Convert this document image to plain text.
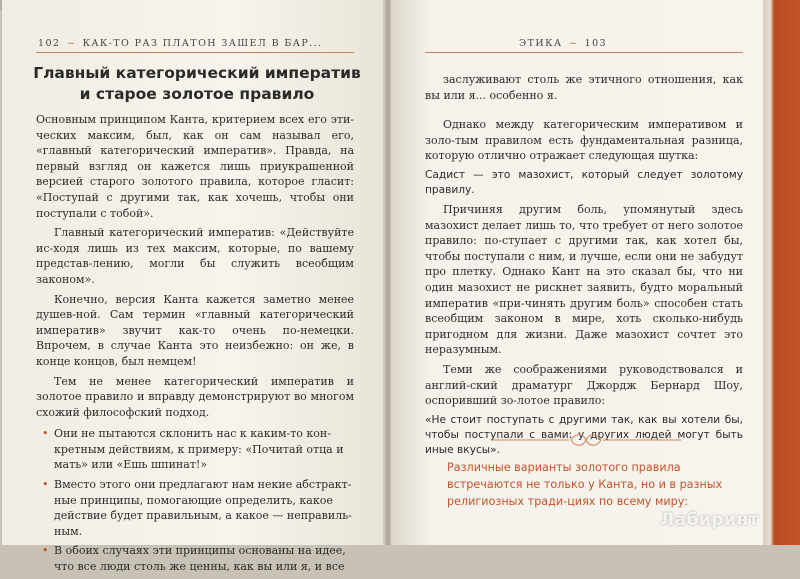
102 ~ КАК-ТО РАЗ ПЛАТОН ЗАШЕЛ В БАР...
Главный категорический императив
и старое золотое правило

Основным принципом Канта, критерием всех его эти-ческих максим, был, как он сам называл его, «главный категорический императив». Правда, на первый взгляд он кажется лишь приукрашенной версией старого золотого правила, которое гласит: «Поступай с другими так, как хочешь, чтобы они поступали с тобой».

Главный категорический императив: «Действуйте ис-ходя лишь из тех максим, которые, по вашему представ-лению, могли бы служить всеобщим законом».

Конечно, версия Канта кажется заметно менее душев-ной. Сам термин «главный категорический императив» звучит как-то очень по-немецки. Впрочем, в случае Канта это неизбежно: он же, в конце концов, был немцем!

Тем не менее категорический императив и золотое правило и вправду демонстрируют во многом схожий философский подход.

• Они не пытаются склонить нас к каким-то кон-кретным действиям, к примеру: «Почитай отца и мать» или «Ешь шпинат!»
• Вместо этого они предлагают нам некие абстракт-ные принципы, помогающие определить, какое действие будет правильным, а какое — неправиль-ным.
• В обоих случаях эти принципы основаны на идее, что все люди столь же ценны, как вы или я, и все
ЭТИКА ~ 103

заслуживают столь же этичного отношения, как вы или я... особенно я.

Однако между категорическим императивом и золо-тым правилом есть фундаментальная разница, которую отлично отражает следующая шутка:

Садист — это мазохист, который следует золотому правилу.

Причиняя другим боль, упомянутый здесь мазохист делает лишь то, что требует от него золотое правило: по-ступает с другими так, как хотел бы, чтобы поступали с ним, и лучше, если они не забудут про плетку. Однако Кант на это сказал бы, что ни один мазохист не рискнет заявить, будто моральный императив «при-чинять другим боль» способен стать всеобщим законом в мире, хоть сколько-нибудь пригодном для жизни. Даже мазохист сочтет это неразумным.

Теми же соображениями руководствовался и англий-ский драматург Джордж Бернард Шоу, оспоривший зо-лотое правило:

«Не стоит поступать с другими так, как вы хотели бы, чтобы поступали с вами: у других людей могут быть иные вкусы».

Различные варианты золотого правила встречаются не только у Канта, но и в разных религиозных тради-циях по всему миру:

Лабиринт
